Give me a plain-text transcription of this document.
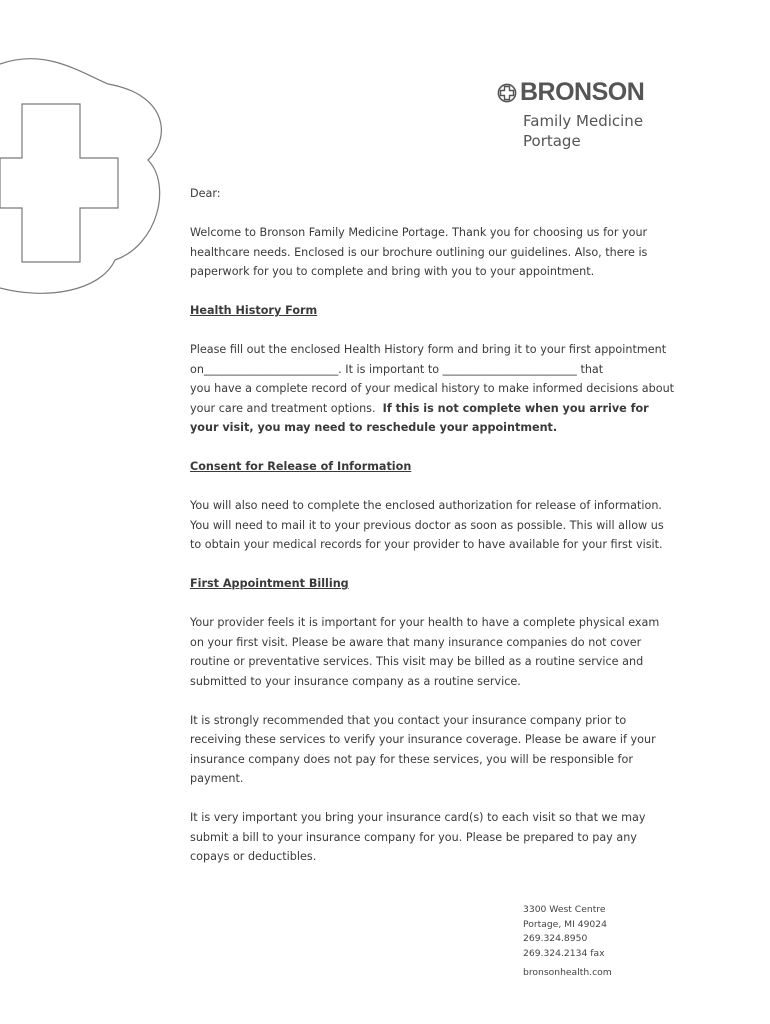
BRONSON
Family Medicine
Portage

Dear:

Welcome to Bronson Family Medicine Portage. Thank you for choosing us for your

healthcare needs. Enclosed is our brochure outlining our guidelines. Also, there is

paperwork for you to complete and bring with you to your appointment.

Health History Form

Please fill out the enclosed Health History form and bring it to your first appointment

on________________________. It is important to ________________________ that

you have a complete record of your medical history to make informed decisions about

your care and treatment options.  If this is not complete when you arrive for

your visit, you may need to reschedule your appointment.

Consent for Release of Information

You will also need to complete the enclosed authorization for release of information.

You will need to mail it to your previous doctor as soon as possible. This will allow us

to obtain your medical records for your provider to have available for your first visit.

First Appointment Billing

Your provider feels it is important for your health to have a complete physical exam

on your first visit. Please be aware that many insurance companies do not cover

routine or preventative services. This visit may be billed as a routine service and

submitted to your insurance company as a routine service.

It is strongly recommended that you contact your insurance company prior to

receiving these services to verify your insurance coverage. Please be aware if your

insurance company does not pay for these services, you will be responsible for

payment.

It is very important you bring your insurance card(s) to each visit so that we may

submit a bill to your insurance company for you. Please be prepared to pay any

copays or deductibles.

3300 West Centre
Portage, MI 49024
269.324.8950
269.324.2134 fax
bronsonhealth.com
